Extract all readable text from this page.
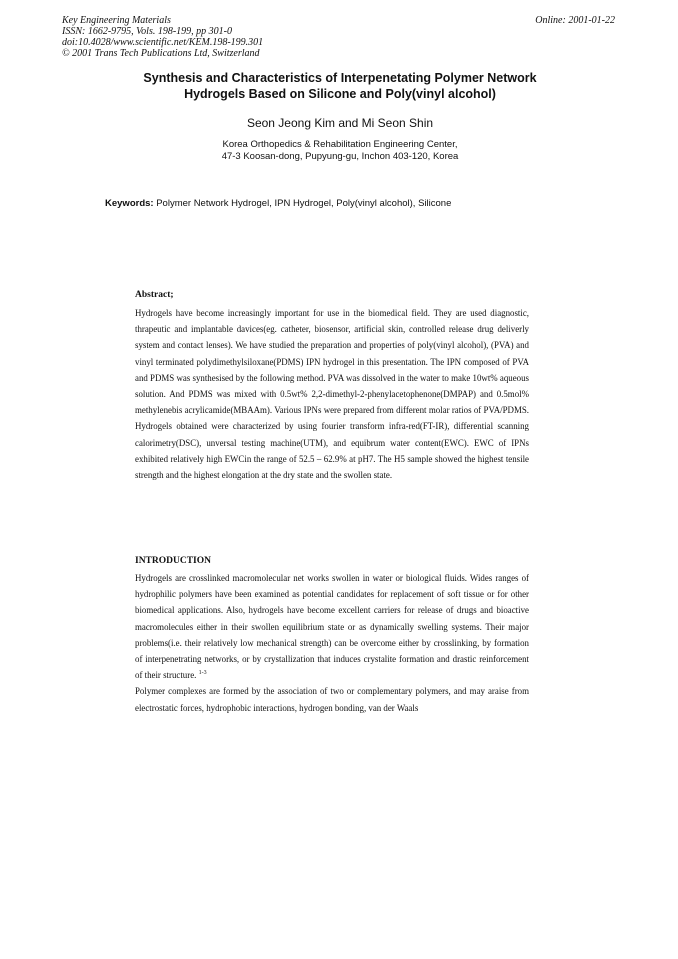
Key Engineering Materials
ISSN: 1662-9795, Vols. 198-199, pp 301-0
doi:10.4028/www.scientific.net/KEM.198-199.301
© 2001 Trans Tech Publications Ltd, Switzerland
Online: 2001-01-22
Synthesis and Characteristics of Interpenetating Polymer Network
Hydrogels Based on Silicone and Poly(vinyl alcohol)
Seon Jeong Kim and Mi Seon Shin
Korea Orthopedics & Rehabilitation Engineering Center,
47-3 Koosan-dong, Pupyung-gu, Inchon 403-120, Korea
Keywords: Polymer Network Hydrogel, IPN Hydrogel, Poly(vinyl alcohol), Silicone
Abstract;
Hydrogels have become increasingly important for use in the biomedical field. They are used diagnostic, thrapeutic and implantable davices(eg. catheter, biosensor, artificial skin, controlled release drug deliverly system and contact lenses). We have studied the preparation and properties of poly(vinyl alcohol), (PVA) and vinyl terminated polydimethylsiloxane(PDMS) IPN hydrogel in this presentation. The IPN composed of PVA and PDMS was synthesised by the following method. PVA was dissolved in the water to make 10wt% aqueous solution. And PDMS was mixed with 0.5wt% 2,2-dimethyl-2-phenylacetophenone(DMPAP) and 0.5mol% methylenebis acrylicamide(MBAAm). Various IPNs were prepared from different molar ratios of PVA/PDMS. Hydrogels obtained were characterized by using fourier transform infra-red(FT-IR), differential scanning calorimetry(DSC), unversal testing machine(UTM), and equibrum water content(EWC). EWC of IPNs exhibited relatively high EWCin the range of 52.5 – 62.9% at pH7. The H5 sample showed the highest tensile strength and the highest elongation at the dry state and the swollen state.
INTRODUCTION

Hydrogels are crosslinked macromolecular net works swollen in water or biological fluids. Wides ranges of hydrophilic polymers have been examined as potential candidates for replacement of soft tissue or for other biomedical applications. Also, hydrogels have become excellent carriers for release of drugs and bioactive macromolecules either in their swollen equilibrium state or as dynamically swelling systems. Their major problems(i.e. their relatively low mechanical strength) can be overcome either by crosslinking, by formation of interpenetrating networks, or by crystallization that induces crystalite formation and drastic reinforcement of their structure. $^{1-3}$

Polymer complexes are formed by the association of two or complementary polymers, and may araise from electrostatic forces, hydrophobic interactions, hydrogen bonding, van der Waals
